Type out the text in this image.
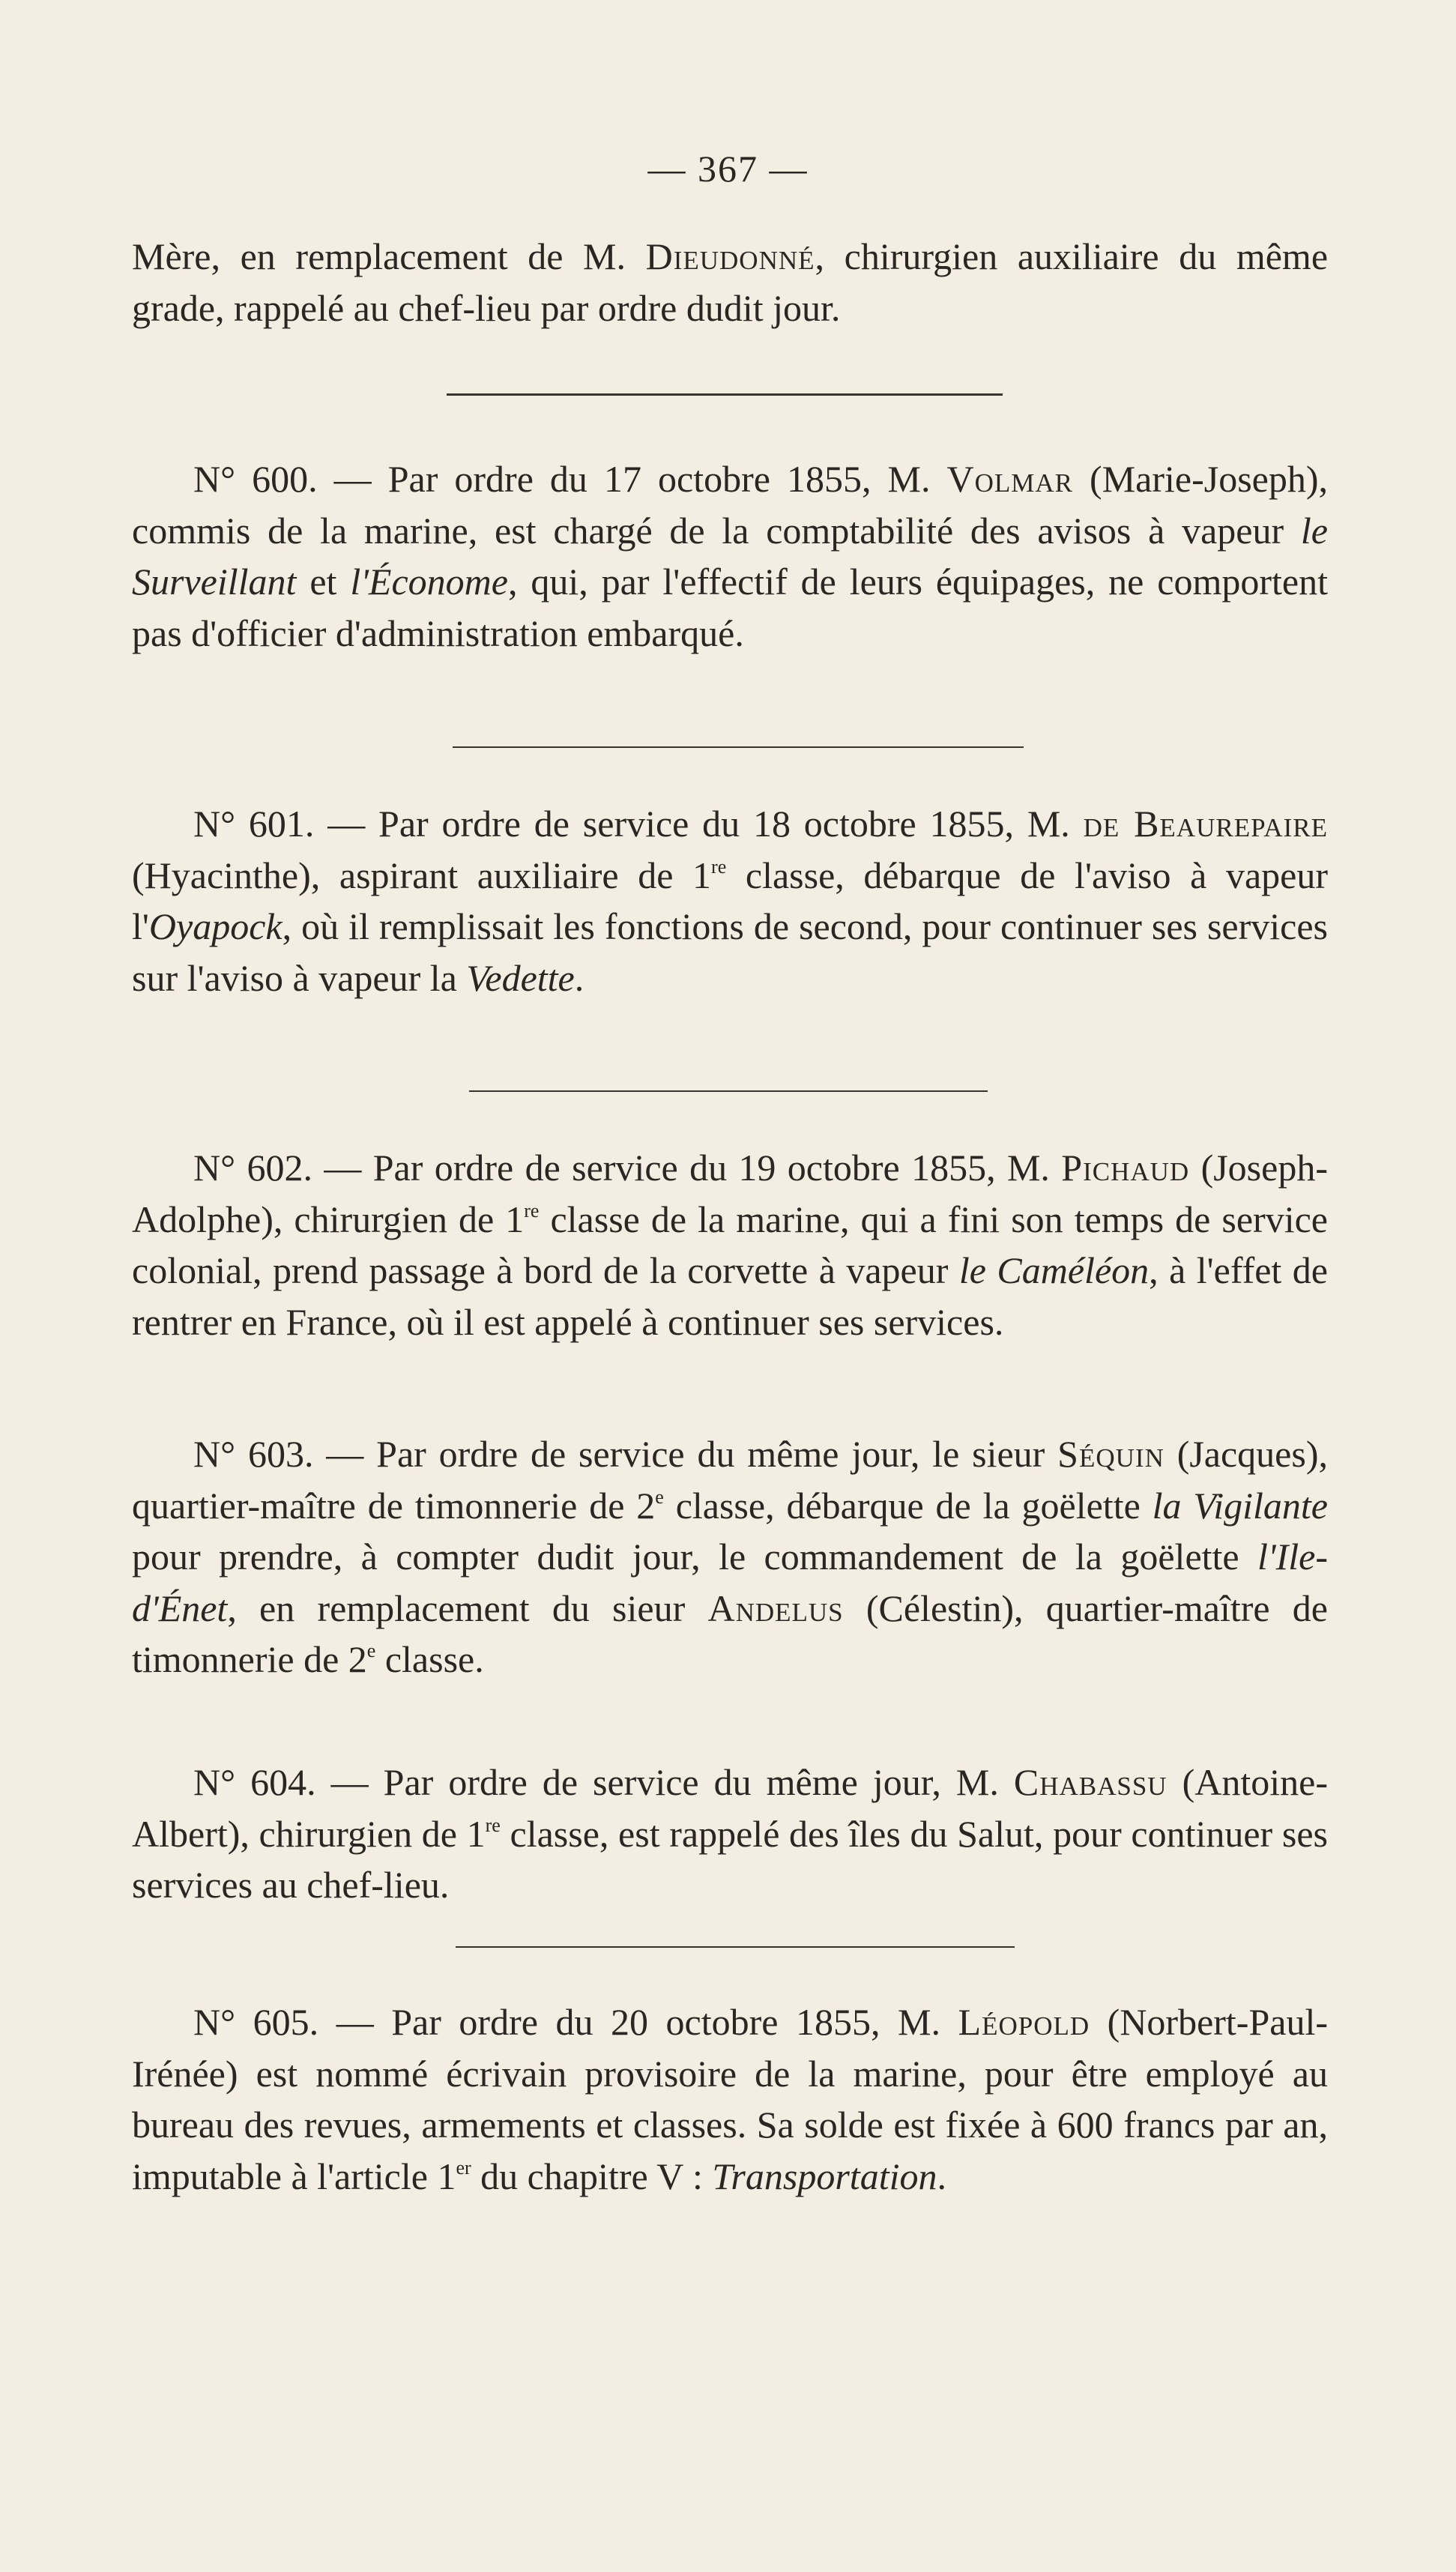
— 367 —

Mère, en remplacement de M. Dieudonné, chirurgien auxiliaire du même grade, rappelé au chef-lieu par ordre dudit jour.

N° 600. — Par ordre du 17 octobre 1855, M. Volmar (Marie-Joseph), commis de la marine, est chargé de la comptabilité des avisos à vapeur le Surveillant et l'Économe, qui, par l'effectif de leurs équipages, ne comportent pas d'officier d'administration embarqué.

N° 601. — Par ordre de service du 18 octobre 1855, M. de Beaurepaire (Hyacinthe), aspirant auxiliaire de 1re classe, débarque de l'aviso à vapeur l'Oyapock, où il remplissait les fonctions de second, pour continuer ses services sur l'aviso à vapeur la Vedette.

N° 602. — Par ordre de service du 19 octobre 1855, M. Pichaud (Joseph-Adolphe), chirurgien de 1re classe de la marine, qui a fini son temps de service colonial, prend passage à bord de la corvette à vapeur le Caméléon, à l'effet de rentrer en France, où il est appelé à continuer ses services.

N° 603. — Par ordre de service du même jour, le sieur Séquin (Jacques), quartier-maître de timonnerie de 2e classe, débarque de la goëlette la Vigilante pour prendre, à compter dudit jour, le commandement de la goëlette l'Ile-d'Énet, en remplacement du sieur Andelus (Célestin), quartier-maître de timonnerie de 2e classe.

N° 604. — Par ordre de service du même jour, M. Chabassu (Antoine-Albert), chirurgien de 1re classe, est rappelé des îles du Salut, pour continuer ses services au chef-lieu.

N° 605. — Par ordre du 20 octobre 1855, M. Léopold (Norbert-Paul-Irénée) est nommé écrivain provisoire de la marine, pour être employé au bureau des revues, armements et classes. Sa solde est fixée à 600 francs par an, imputable à l'article 1er du chapitre V : Transportation.
